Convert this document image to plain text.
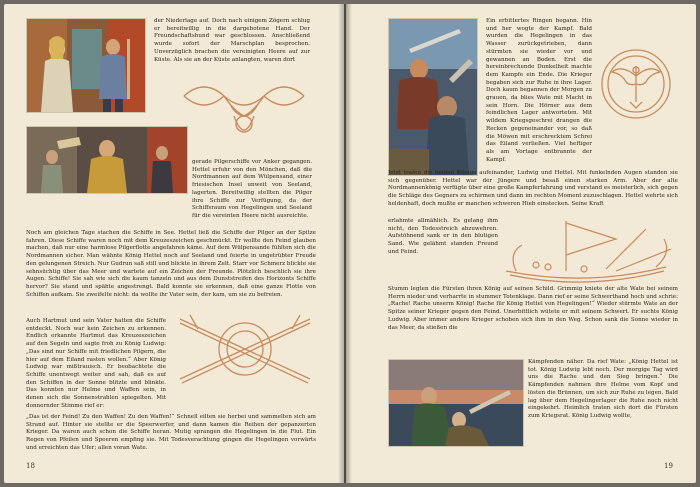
der Niederlage auf. Doch nach einigem Zögern schlug er bereitwillig in die dargebotene Hand. Der Freundschaftsbund war geschlossen. Anschließend wurde sofort der Marschplan besprochen. Unverzüglich brachen die vereinigten Heere auf zur Küste. Als sie an der Küste anlangten, waren dort
gerade Pilgerschiffe vor Anker gegangen. Hettel erfuhr von den Mönchen, daß die Nordmannen auf dem Wülpensand, einer friesischen Insel unweit von Seeland, lagerten. Bereitwillig stellten die Pilger ihre Schiffe zur Verfügung, da der Schiffsraum von Hegelingen und Seeland für die vereinten Heere nicht ausreichte.
Noch am gleichen Tage stachen die Schiffe in See. Hettel ließ die Schiffe der Pilger an der Spitze fahren. Diese Schiffe waren noch mit dem Kreuzeszeichen geschmückt. Er wollte den Feind glauben machen, daß nur eine harmlose Pilgerflotte angefahren käme. Auf dem Wülpensande fühlten sich die Nordmannen sicher. Man wähnte König Hettel noch auf Seeland und feierte in ungetrübter Freude den gelungenen Streich. Nur Gudrun saß still und blickte in ihrem Zelt. Starr vor Schmerz blickte sie sehnsüchtig über das Meer und wartete auf ein Zeichen der Freunde. Plötzlich beschlich sie ihre Augen. Schiffe! Sie sah wie sich die kaum tanzeln und aus dem Dunststreifen des Horizonts Schiffe hervor? Sie stand und spähte angestrengt. Bald konnte sie erkennen, daß eine ganze Flotte von Schiffen aufkam. Sie zweifelte nicht: da wollte ihr Vater sein, der kam, um sie zu befreien.
Auch Hartmut und sein Vater hatten die Schiffe entdeckt. Noch war kein Zeichen zu erkennen. Endlich erkannte Hartmut das Kreuzeszeichen auf den Segeln und sagte froh zu König Ludwig: „Das sind nur Schiffe mit friedlichen Pilgern, die hier auf dem Eiland rasten wollen.“ Aber König Ludwig war mißtrauisch. Er beobachtete die Schiffe unentwegt weiter und sah, daß es auf den Schiffen in der Sonne blitzte und blinkte. Das konnten nur Helme und Waffen sein, in denen sich die Sonnenstrahlen spiegelten. Mit donnernder Stimme rief er:
„Das ist der Feind! Zu den Waffen! Zu den Waffen!“ Schnell eilten sie herbei und sammelten sich am Strand auf. Hinter sie stellte er die Speerwerfer, und dann kamen die Reihen der gepanzerten Krieger. Da waren auch schon die Schiffe heran. Mutig sprangen die Hegelingen in die Flut. Ein Regen von Pfeilen und Speeren empfing sie. Mit Todesverachtung gingen die Hegelingen vorwärts und erreichten das Ufer; allen voran Wate.
18
Ein erbittertes Ringen begann. Hin und her wogte der Kampf. Bald wurden die Hegelingen in das Wasser zurückgetrieben, dann stürmten sie wieder vor und gewannen an Boden. Erst die hereinbrechende Dunkelheit machte dem Kampfe ein Ende. Die Krieger begaben sich zur Ruhe in ihre Lager. Doch kaum begannen der Morgen zu grauen, da blies Wate mit Macht in sein Horn. Die Hörner aus dem feindlichen Lager antworteten. Mit wildem Kriegsgeschrei drangen die Recken gegeneinander vor, so daß die Möwen mit erschrecktem Schrei das Eiland verließen. Viel heftiger als am Vortage entbrannte der Kampf.
Jetzt trafen die beiden Könige aufeinander, Ludwig und Hettel. Mit funkelnden Augen standen sie sich gegenüber. Hettel war der Jüngere und besaß einen starken Arm. Aber der alte Nordmannenkönig verfügte über eine große Kampferfahrung und verstand es meisterlich, sich gegen die Schläge des Gegners zu schirmen und dann im rechten Moment zuzuschlagen. Hettel wehrte sich heldenhaft, doch mußte er manchen schweren Hieb einstecken. Seine Kraft
erlahmte allmählich. Es gelang ihm nicht, den Todesstreich abzuwehren. Aufstöhnend sank er in den blutigen Sand. Wie gelähmt standen Freund und Feind.
Stumm legten die Fürsten ihren König auf seinen Schild. Grimmig kniete der alte Wate bei seinem Herrn nieder und verharrte in stummer Totenklage. Dann rief er seine Schwerthand hoch und schrie: „Rache! Rache unserm König! Rache für König Hettel von Hegelingen!“ Wieder stürmte Wate an der Spitze seiner Krieger gegen den Feind. Unerbittlich wütete er mit seinem Schwert. Er suchte König Ludwig. Aber immer andere Krieger schoben sich ihm in den Weg. Schon sank die Sonne wieder in das Meer, da stießen die
Kämpfenden näher. Da rief Wate: „König Hettel ist tot. König Ludwig lebt noch. Der morgige Tag wird uns die Rache und den Sieg bringen.“ Die Kämpfenden nahmen ihre Helme vom Kopf und lösten die Brünnen, um sich zur Ruhe zu legen. Bald lag über dem Hegelingerlager die Ruhe noch nicht eingekehrt. Heimlich traten sich dort die Fürsten zum Kriegsrat. König Ludwig wollte,
19
